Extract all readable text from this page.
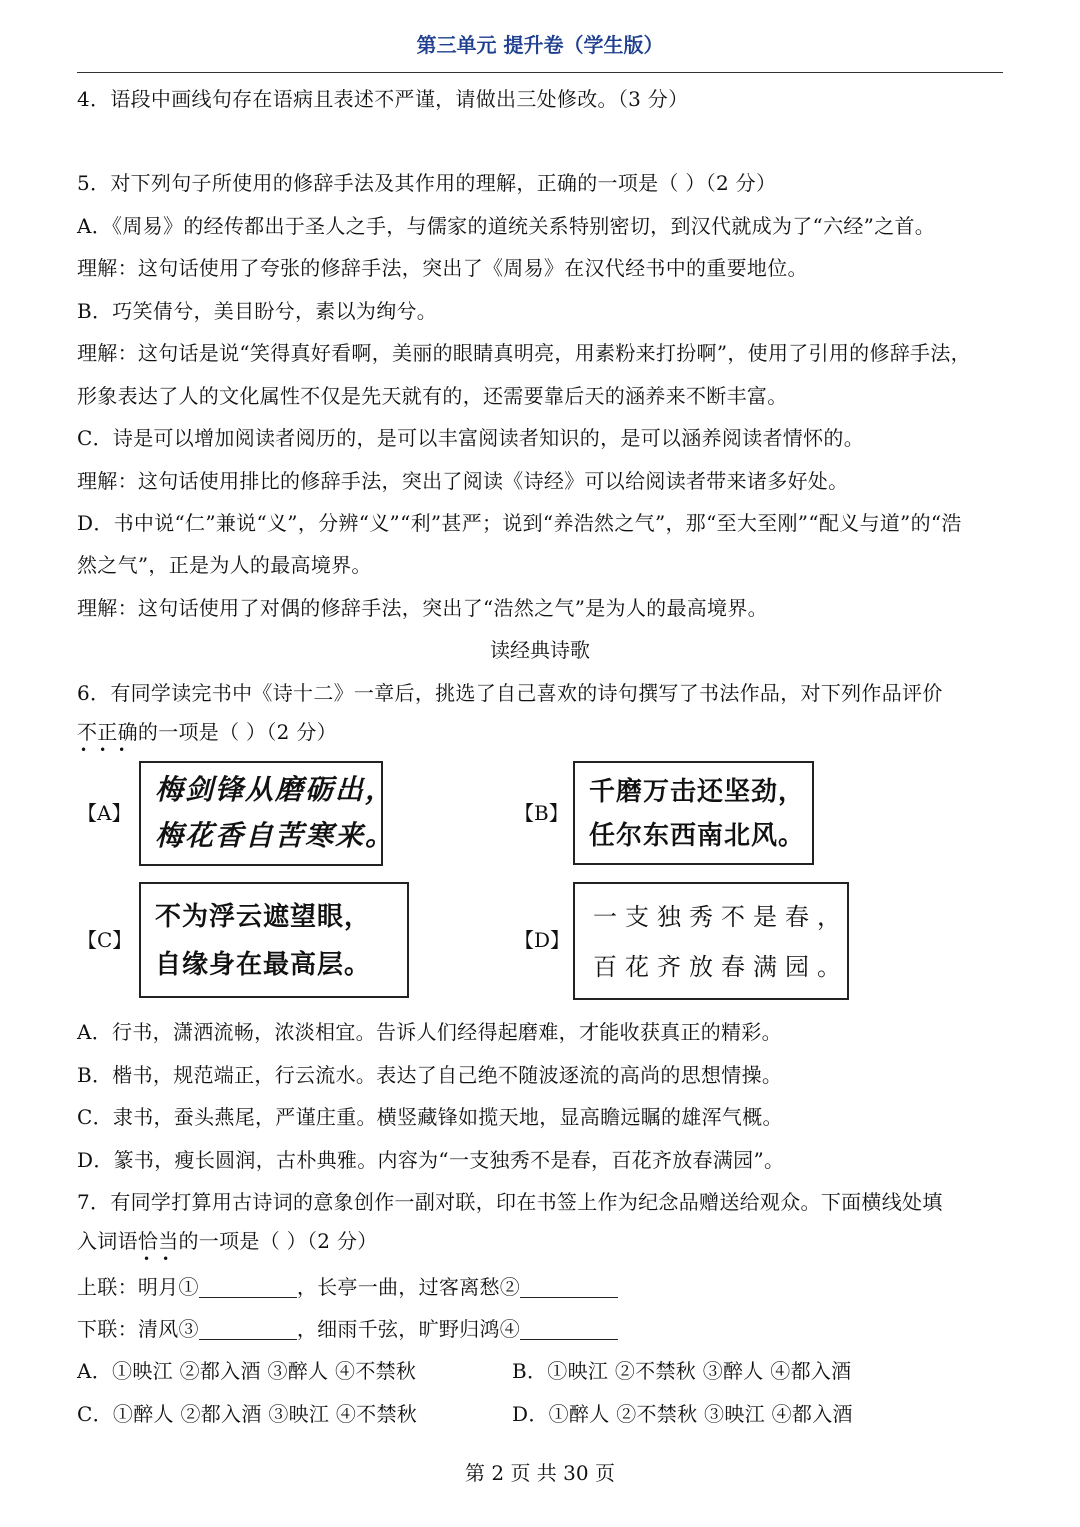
第三单元 提升卷（学生版）
4．语段中画线句存在语病且表述不严谨，请做出三处修改。（3 分）
5．对下列句子所使用的修辞手法及其作用的理解，正确的一项是（ ）（2 分）
A．《周易》的经传都出于圣人之手，与儒家的道统关系特别密切，到汉代就成为了“六经”之首。
理解：这句话使用了夸张的修辞手法，突出了《周易》在汉代经书中的重要地位。
B．巧笑倩兮，美目盼兮，素以为绚兮。
理解：这句话是说“笑得真好看啊，美丽的眼睛真明亮，用素粉来打扮啊”，使用了引用的修辞手法，
形象表达了人的文化属性不仅是先天就有的，还需要靠后天的涵养来不断丰富。
C．诗是可以增加阅读者阅历的，是可以丰富阅读者知识的，是可以涵养阅读者情怀的。
理解：这句话使用排比的修辞手法，突出了阅读《诗经》可以给阅读者带来诸多好处。
D．书中说“仁”兼说“义”，分辨“义”“利”甚严；说到“养浩然之气”，那“至大至刚”“配义与道”的“浩
然之气”，正是为人的最高境界。
理解：这句话使用了对偶的修辞手法，突出了“浩然之气”是为人的最高境界。
读经典诗歌
6．有同学读完书中《诗十二》一章后，挑选了自己喜欢的诗句撰写了书法作品，对下列作品评价
不正确的一项是（ ）（2 分）
•••
【A】
梅剑锋从磨砺出，
梅花香自苦寒来。
【B】
千磨万击还坚劲，
任尔东西南北风。
【C】
不为浮云遮望眼，
自缘身在最高层。
【D】
一支独秀不是春，
百花齐放春满园。
A．行书，潇洒流畅，浓淡相宜。告诉人们经得起磨难，才能收获真正的精彩。
B．楷书，规范端正，行云流水。表达了自己绝不随波逐流的高尚的思想情操。
C．隶书，蚕头燕尾，严谨庄重。横竖藏锋如揽天地，显高瞻远瞩的雄浑气概。
D．篆书，瘦长圆润，古朴典雅。内容为“一支独秀不是春，百花齐放春满园”。
7．有同学打算用古诗词的意象创作一副对联，印在书签上作为纪念品赠送给观众。下面横线处填
入词语恰当的一项是（ ）（2 分）
••
上联：明月①	，长亭一曲，过客离愁②
下联：清风③	，细雨千弦，旷野归鸿④
A．①映江 ②都入酒 ③醉人 ④不禁秋	B．①映江 ②不禁秋 ③醉人 ④都入酒
C．①醉人 ②都入酒 ③映江 ④不禁秋	D．①醉人 ②不禁秋 ③映江 ④都入酒
第 2 页 共 30 页
